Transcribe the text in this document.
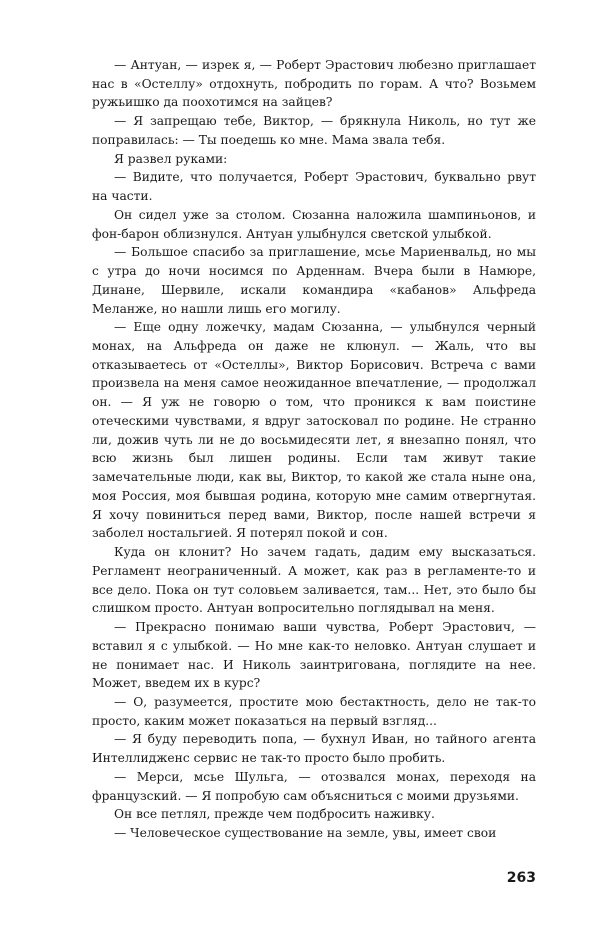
— Антуан, — изрек я, — Роберт Эрастович любезно приглашает нас в «Остеллу» отдохнуть, побродить по горам. А что? Возьмем ружьишко да поохотимся на зайцев?

— Я запрещаю тебе, Виктор, — брякнула Николь, но тут же поправилась: — Ты поедешь ко мне. Мама звала тебя.

Я развел руками:

— Видите, что получается, Роберт Эрастович, буквально рвут на части.

Он сидел уже за столом. Сюзанна наложила шампиньонов, и фон-барон облизнулся. Антуан улыбнулся светской улыбкой.

— Большое спасибо за приглашение, мсье Мариенвальд, но мы с утра до ночи носимся по Арденнам. Вчера были в Намюре, Динане, Шервиле, искали командира «кабанов» Альфреда Меланже, но нашли лишь его могилу.

— Еще одну ложечку, мадам Сюзанна, — улыбнулся черный монах, на Альфреда он даже не клюнул. — Жаль, что вы отказываетесь от «Остеллы», Виктор Борисович. Встреча с вами произвела на меня самое неожиданное впечатление, — продолжал он. — Я уж не говорю о том, что проникся к вам поистине отеческими чувствами, я вдруг затосковал по родине. Не странно ли, дожив чуть ли не до восьмидесяти лет, я внезапно понял, что всю жизнь был лишен родины. Если там живут такие замечательные люди, как вы, Виктор, то какой же стала ныне она, моя Россия, моя бывшая родина, которую мне самим отвергнутая. Я хочу повиниться перед вами, Виктор, после нашей встречи я заболел ностальгией. Я потерял покой и сон.

Куда он клонит? Но зачем гадать, дадим ему высказаться. Регламент неограниченный. А может, как раз в регламенте-то и все дело. Пока он тут соловьем заливается, там... Нет, это было бы слишком просто. Антуан вопросительно поглядывал на меня.

— Прекрасно понимаю ваши чувства, Роберт Эрастович, — вставил я с улыбкой. — Но мне как-то неловко. Антуан слушает и не понимает нас. И Николь заинтригована, поглядите на нее. Может, введем их в курс?

— О, разумеется, простите мою бестактность, дело не так-то просто, каким может показаться на первый взгляд...

— Я буду переводить попа, — бухнул Иван, но тайного агента Интеллидженс сервис не так-то просто было пробить.

— Мерси, мсье Шульга, — отозвался монах, переходя на французский. — Я попробую сам объясниться с моими друзьями.

Он все петлял, прежде чем подбросить наживку.

— Человеческое существование на земле, увы, имеет свои

263
